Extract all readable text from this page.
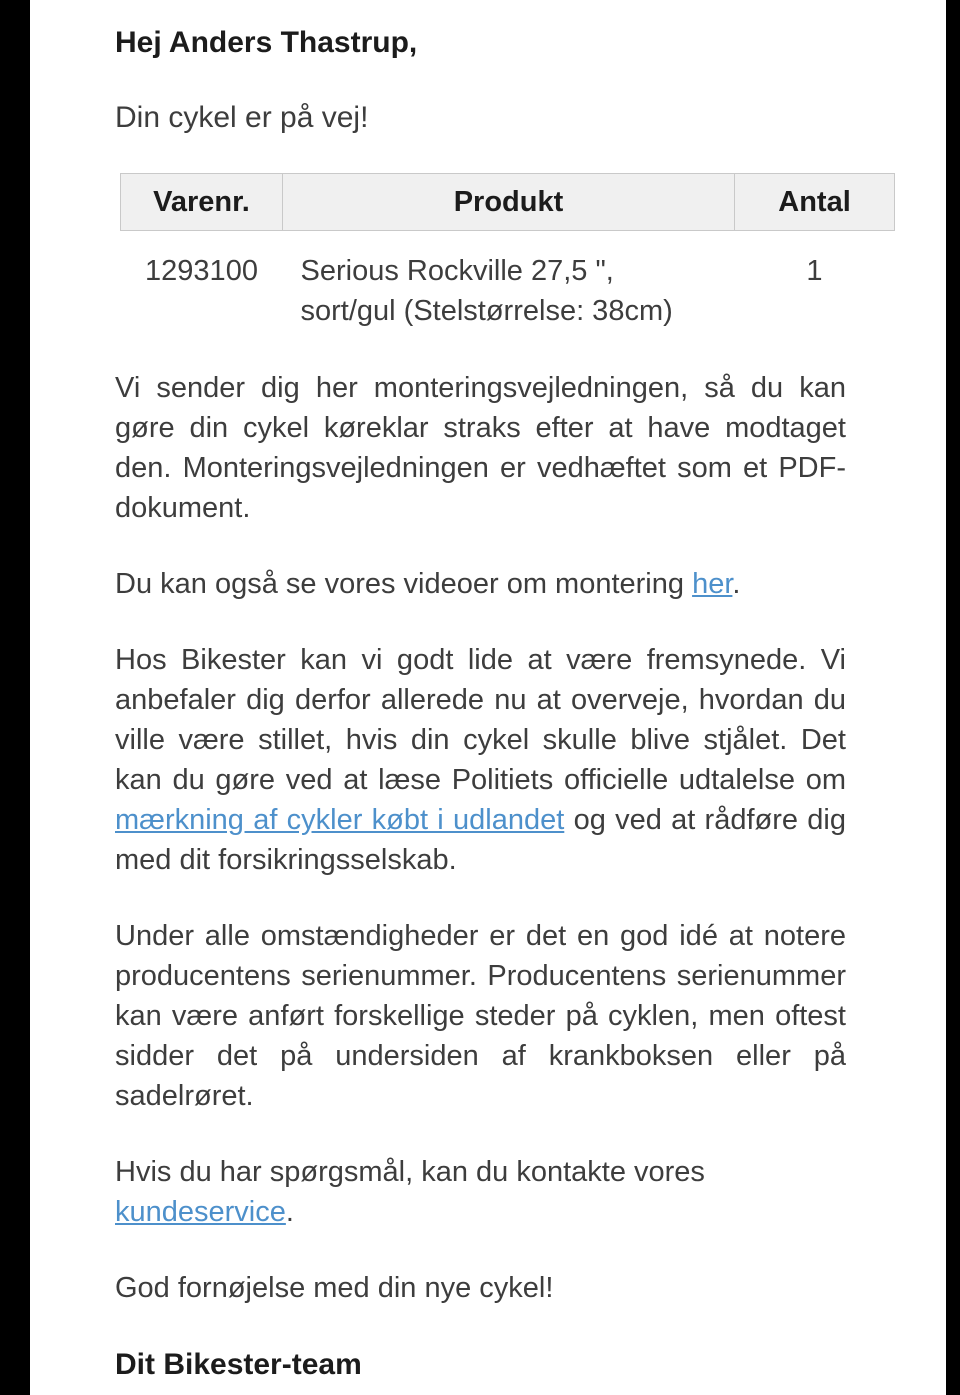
Hej Anders Thastrup,

Din cykel er på vej!

Varenr.	Produkt	Antal
1293100	Serious Rockville 27,5 ", sort/gul (Stelstørrelse: 38cm)	1

Vi sender dig her monteringsvejledningen, så du kan gøre din cykel køreklar straks efter at have modtaget den. Monteringsvejledningen er vedhæftet som et PDF-dokument.

Du kan også se vores videoer om montering her.

Hos Bikester kan vi godt lide at være fremsynede. Vi anbefaler dig derfor allerede nu at overveje, hvordan du ville være stillet, hvis din cykel skulle blive stjålet. Det kan du gøre ved at læse Politiets officielle udtalelse om mærkning af cykler købt i udlandet og ved at rådføre dig med dit forsikringsselskab.

Under alle omstændigheder er det en god idé at notere producentens serienummer. Producentens serienummer kan være anført forskellige steder på cyklen, men oftest sidder det på undersiden af krankboksen eller på sadelrøret.

Hvis du har spørgsmål, kan du kontakte vores kundeservice.

God fornøjelse med din nye cykel!

Dit Bikester-team
